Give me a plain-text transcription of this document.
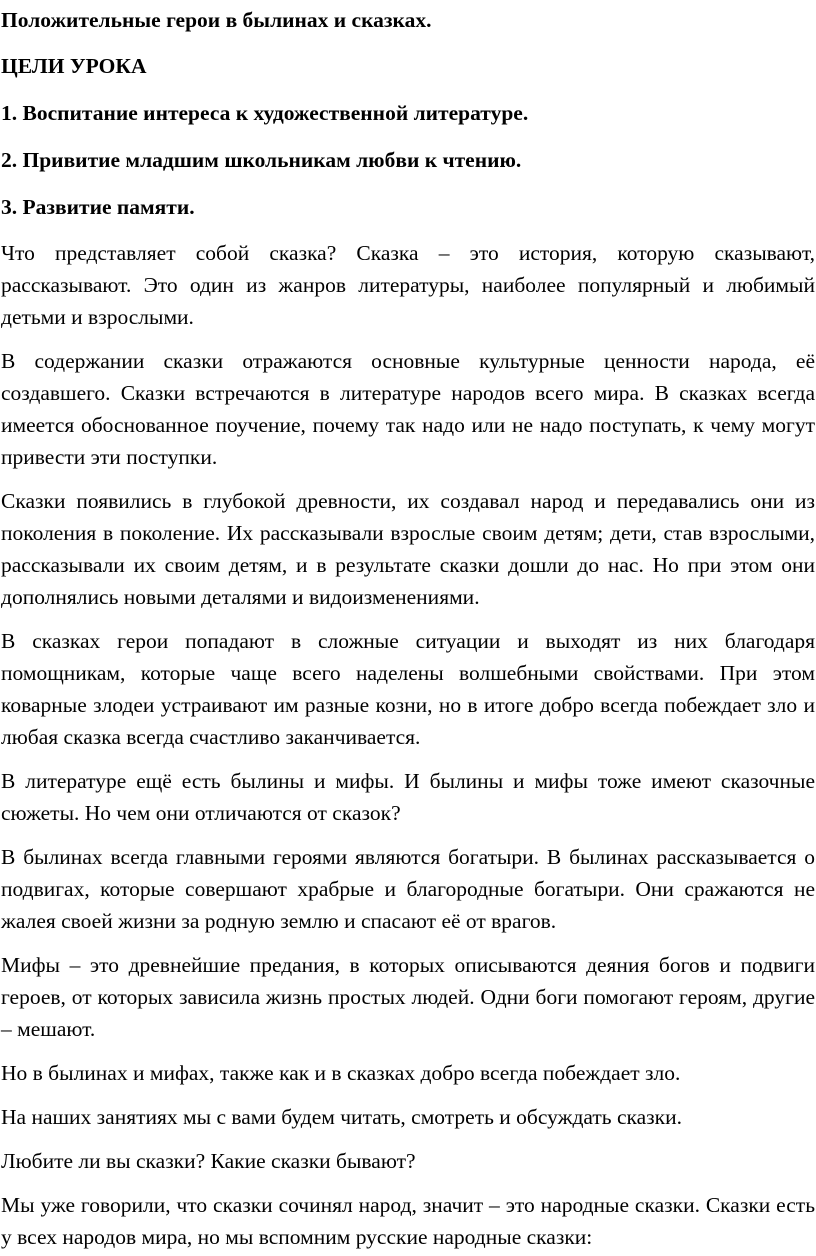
Положительные герои в былинах и сказках.
ЦЕЛИ УРОКА
1. Воспитание интереса к художественной литературе.
2. Привитие младшим школьникам любви к чтению.
3. Развитие памяти.

Что представляет собой сказка? Сказка – это история, которую сказывают, рассказывают. Это один из жанров литературы, наиболее популярный и любимый детьми и взрослыми.

В содержании сказки отражаются основные культурные ценности народа, её создавшего. Сказки встречаются в литературе народов всего мира. В сказках всегда имеется обоснованное поучение, почему так надо или не надо поступать, к чему могут привести эти поступки.

Сказки появились в глубокой древности, их создавал народ и передавались они из поколения в поколение. Их рассказывали взрослые своим детям; дети, став взрослыми, рассказывали их своим детям, и в результате сказки дошли до нас. Но при этом они дополнялись новыми деталями и видоизменениями.

В сказках герои попадают в сложные ситуации и выходят из них благодаря помощникам, которые чаще всего наделены волшебными свойствами. При этом коварные злодеи устраивают им разные козни, но в итоге добро всегда побеждает зло и любая сказка всегда счастливо заканчивается.

В литературе ещё есть былины и мифы. И былины и мифы тоже имеют сказочные сюжеты. Но чем они отличаются от сказок?

В былинах всегда главными героями являются богатыри. В былинах рассказывается о подвигах, которые совершают храбрые и благородные богатыри. Они сражаются не жалея своей жизни за родную землю и спасают её от врагов.

Мифы – это древнейшие предания, в которых описываются деяния богов и подвиги героев, от которых зависила жизнь простых людей. Одни боги помогают героям, другие – мешают.

Но в былинах и мифах, также как и в сказках добро всегда побеждает зло.

На наших занятиях мы с вами будем читать, смотреть и обсуждать сказки.

Любите ли вы сказки? Какие сказки бывают?

Мы уже говорили, что сказки сочинял народ, значит – это народные сказки. Сказки есть у всех народов мира, но мы вспомним русские народные сказки:
